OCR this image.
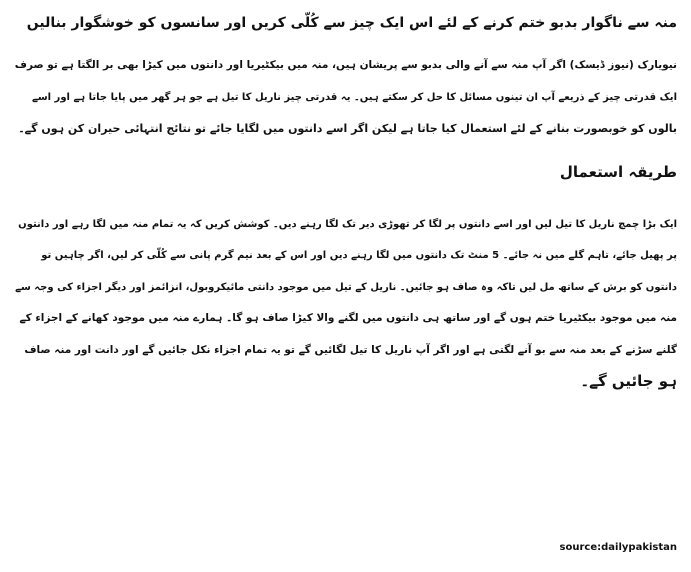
منہ سے ناگوار بدبو ختم کرنے کے لئے اس ایک چیز سے کُلّی کریں اور سانسوں کو خوشگوار بنالیں

نیویارک (نیوز ڈیسک) اگر آپ منہ سے آنے والی بدبو سے پریشان ہیں، منہ میں بیکٹیریا اور دانتوں میں کیڑا بھی بر الگتا ہے تو صرف
ایک قدرتی چیز کے ذریعے آپ ان تینوں مسائل کا حل کر سکتے ہیں۔ یہ قدرتی چیز ناریل کا تیل ہے جو ہر گھر میں پایا جاتا ہے اور اسے
بالوں کو خوبصورت بنانے کے لئے استعمال کیا جاتا ہے لیکن اگر اسے دانتوں میں لگایا جائے تو نتائج انتہائی حیران کن ہوں گے۔

طریقہ استعمال

ایک بڑا چمچ ناریل کا تیل لیں اور اسے دانتوں پر لگا کر تھوڑی دیر تک لگا رہنے دیں۔ کوشش کریں کہ یہ تمام منہ میں لگا رہے اور دانتوں
پر پھیل جائے، تاہم گلے میں نہ جائے۔ 5 منٹ تک دانتوں میں لگا رہنے دیں اور اس کے بعد نیم گرم پانی سے کُلّی کر لیں، اگر چاہیں تو
دانتوں کو برش کے ساتھ مل لیں تاکہ وہ صاف ہو جائیں۔ ناریل کے تیل میں موجود دانتی مائیکروبول، انزائمز اور دیگر اجزاء کی وجہ سے
منہ میں موجود بیکٹیریا ختم ہوں گے اور ساتھ ہی دانتوں میں لگنے والا کیڑا صاف ہو گا۔ ہمارے منہ میں موجود کھانے کے اجزاء کے
گلنے سڑنے کے بعد منہ سے بو آنے لگتی ہے اور اگر آپ ناریل کا تیل لگائیں گے تو یہ تمام اجزاء نکل جائیں گے اور دانت اور منہ صاف
ہو جائیں گے۔

source:dailypakistan
